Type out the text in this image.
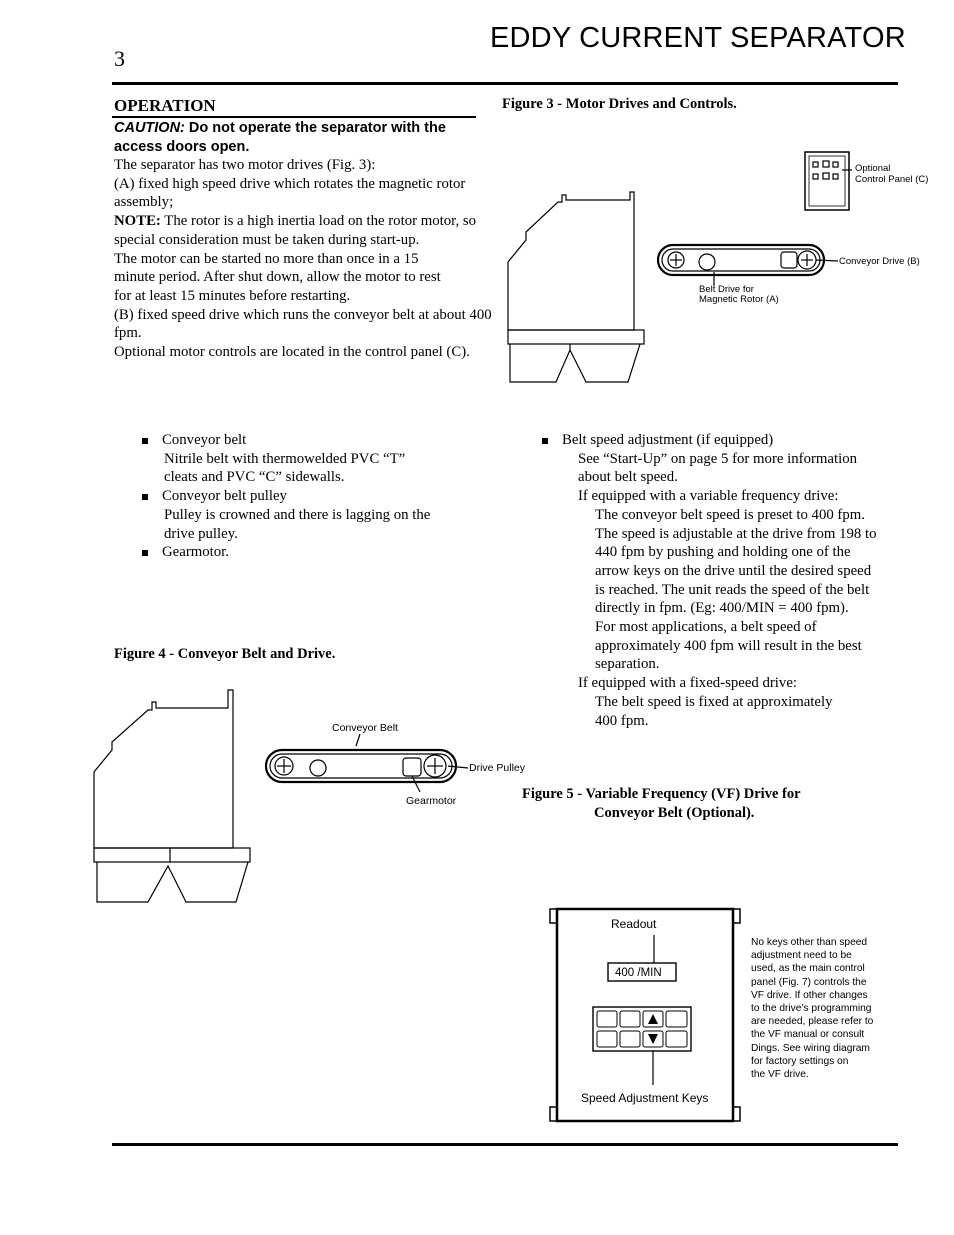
3
EDDY CURRENT SEPARATOR
OPERATION
CAUTION: Do not operate the separator with the access doors open.

The separator has two motor drives (Fig. 3):

(A) fixed high speed drive which rotates the magnetic rotor assembly;

NOTE: The rotor is a high inertia load on the rotor motor, so special consideration must be taken during start-up.

The motor can be started no more than once in a 15

minute period. After shut down, allow the motor to rest

for at least 15 minutes before restarting.

(B) fixed speed drive which runs the conveyor belt at about 400 fpm.

Optional motor controls are located in the control panel (C).

Figure 3 - Motor Drives and Controls.
Optional
Control Panel (C)
Conveyor Drive (B)
Belt Drive for
Magnetic Rotor (A)
Conveyor belt
Nitrile belt with thermowelded PVC “T”
cleats and PVC “C” sidewalls.
Conveyor belt pulley
Pulley is crowned and there is lagging on the
drive pulley.
Gearmotor.
Belt speed adjustment (if equipped)
See “Start-Up” on page 5 for more information
about belt speed.
If equipped with a variable frequency drive:
The conveyor belt speed is preset to 400 fpm.
The speed is adjustable at the drive from 198 to
440 fpm by pushing and holding one of the
arrow keys on the drive until the desired speed
is reached. The unit reads the speed of the belt
directly in fpm. (Eg: 400/MIN = 400 fpm).
For most applications, a belt speed of
approximately 400 fpm will result in the best
separation.
If equipped with a fixed-speed drive:
The belt speed is fixed at approximately
400 fpm.
Figure 4 - Conveyor Belt and Drive.
Conveyor Belt
Drive Pulley
Gearmotor	Figure 5 - Variable Frequency (VF) Drive for
Conveyor Belt (Optional).
Readout
400 /MIN
Speed Adjustment Keys
No keys other than speed
adjustment need to be
used, as the main control
panel (Fig. 7) controls the
VF drive. If other changes
to the drive’s programming
are needed, please refer to
the VF manual or consult
Dings. See wiring diagram
for factory settings on
the VF drive.
